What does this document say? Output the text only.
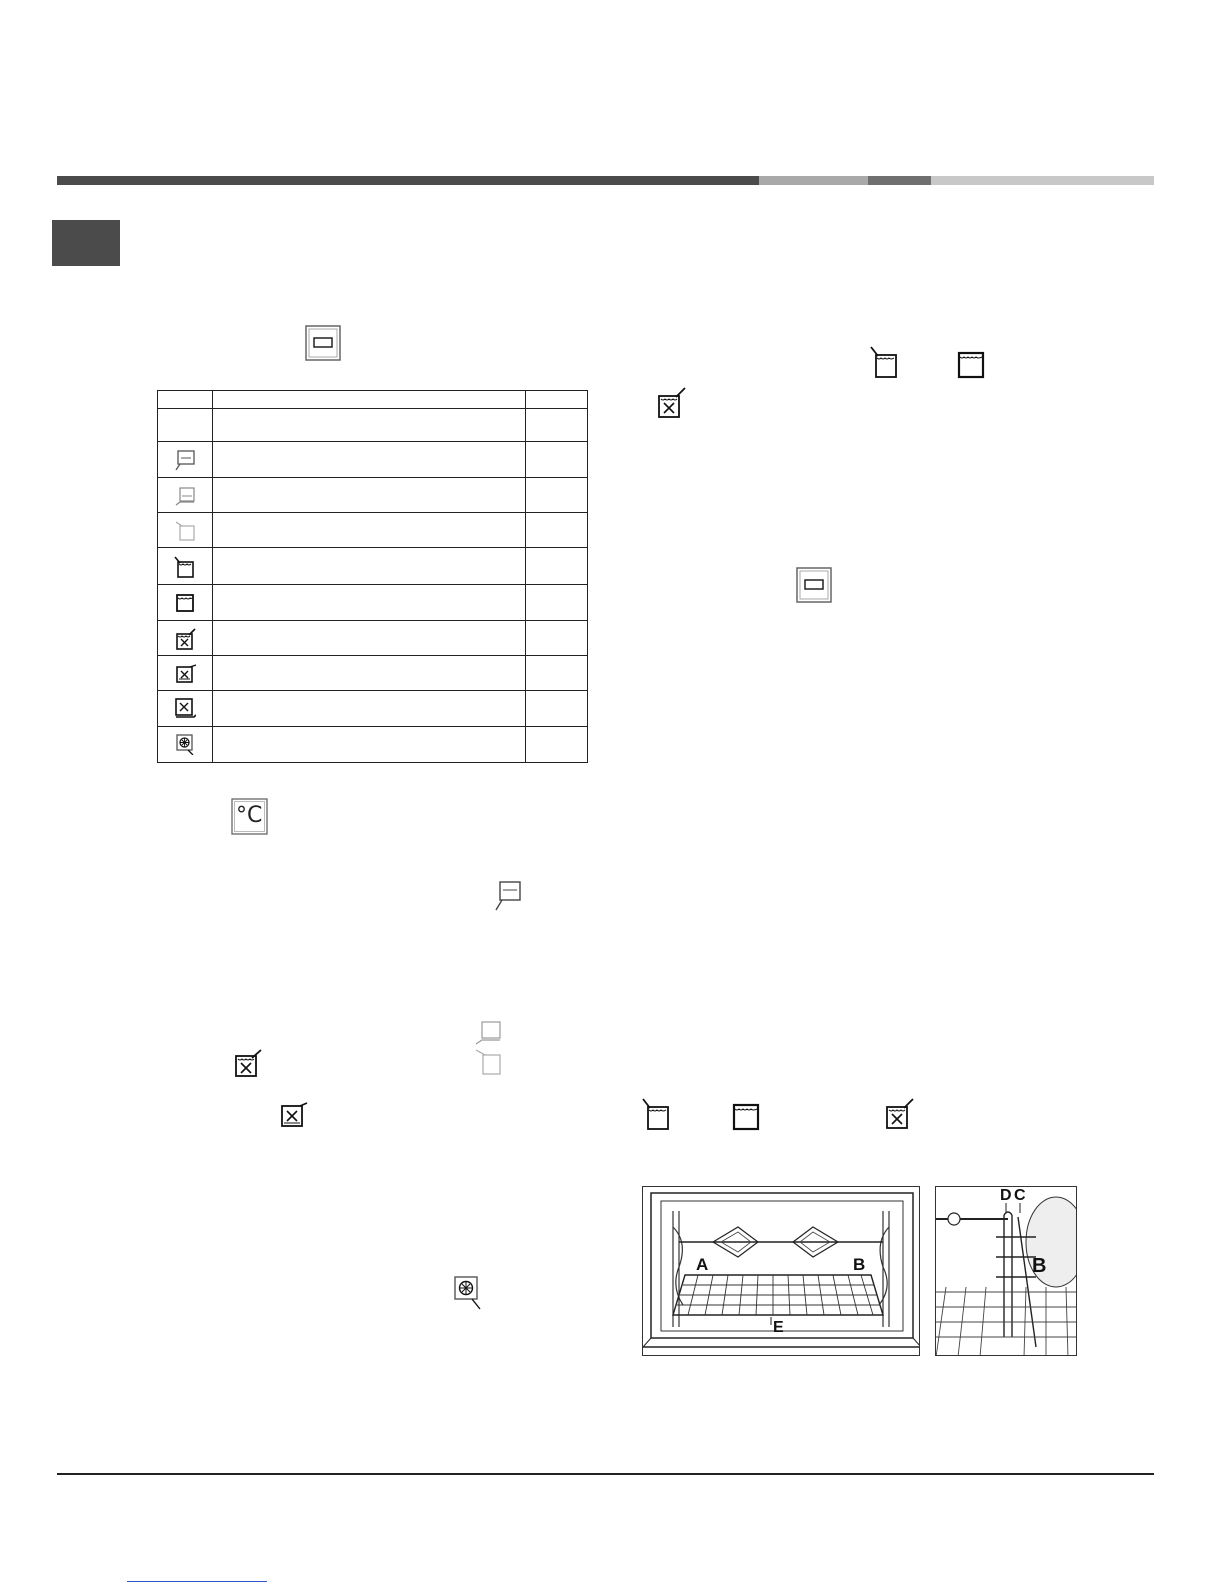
°C
A	B
E
D C
B
